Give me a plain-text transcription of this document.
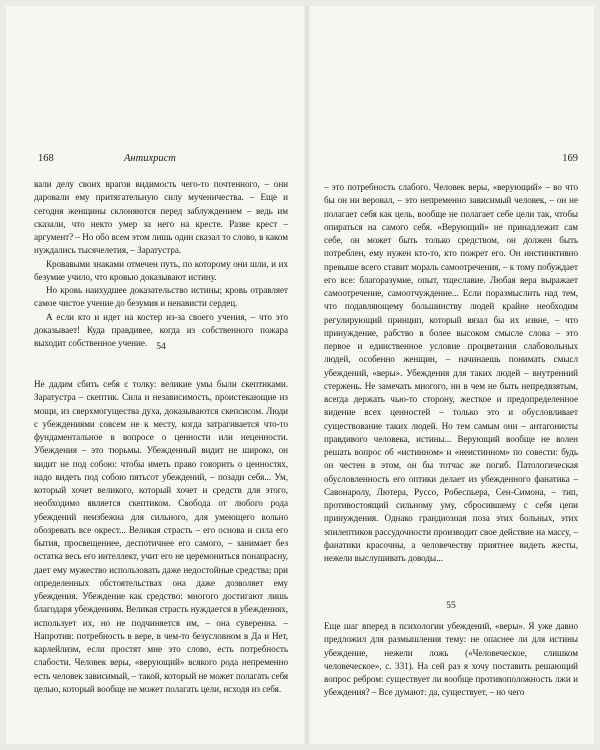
168	Антихрист

вали делу своих врагов видимость чего-то почтенного, – они даровали ему притягательную силу мученичества. – Еще и сегодня женщины склоняются перед заблуждением – ведь им сказали, что некто умер за него на кресте. Разве крест – аргумент? – Но обо всем этом лишь один сказал то слово, в каком нуждались тысячелетия, – Заратустра.

Кровавыми знаками отмечен путь, по которому они шли, и их безумие учило, что кровью доказывают истину.

Но кровь наихудшее доказательство истины; кровь отравляет самое чистое учение до безумия и ненависти сердец.

А если кто и идет на костер из-за своего учения, – что это доказывает! Куда правдивее, когда из собственного пожара выходит собственное учение. 54

Не дадим сбить себя с толку: великие умы были скептиками. Заратустра – скептик. Сила и независимость, проистекающие из мощи, из сверхмогущества духа, доказываются скепсисом. Люди с убеждениями совсем не к месту, когда затрагивается что-то фундаментальное в вопросе о ценности или неценности. Убеждения – это тюрьмы. Убежденный видит не широко, он видит не под собою: чтобы иметь право говорить о ценностях, надо видеть под собою пятьсот убеждений, – позади себя... Ум, который хочет великого, который хочет и средств для этого, необходимо является скептиком. Свобода от любого рода убеждений неизбежна для сильного, для умеющего вольно обозревать все окрест... Великая страсть – его основа и сила его бытия, просвещеннее, деспотичнее его самого, – занимает без остатка весь его интеллект, учит его не церемониться понапрасну, дает ему мужество использовать даже недостойные средства; при определенных обстоятельствах она даже дозволяет ему убеждения. Убеждение как средство: многого достигают лишь благодаря убеждениям. Великая страсть нуждается в убеждениях, использует их, но не подчиняется им, – она суверенна. – Напротив: потребность в вере, в чем-то безусловном в Да и Нет, карлейлизм, если простят мне это слово, есть потребность слабости. Человек веры, «верующий» всякого рода непременно есть человек зависимый, – такой, который не может полагать себя целью, который вообще не может полагать цели, исходя из себя.

169

– это потребность слабого. Человек веры, «верующий» – во что бы он ни веровал, – это непременно зависимый человек, – он не полагает себя как цель, вообще не полагает себе цели так, чтобы опираться на самого себя. «Верующий» не принадлежит сам себе, он может быть только средством, он должен быть потреблен, ему нужен кто-то, кто пожрет его. Он инстинктивно превыше всего ставит мораль самоотречения, – к тому побуждает его все: благоразумие, опыт, тщеславие. Любая вера выражает самоотречение, самоотчуждение... Если поразмыслить над тем, что подавляющему большинству людей крайне необходим регулирующий принцип, который вязал бы их извне, – что принуждение, рабство в более высоком смысле слова – это первое и единственное условие процветания слабовольных людей, особенно женщин, – начинаешь понимать смысл убеждений, «веры». Убеждения для таких людей – внутренний стержень. Не замечать многого, ни в чем не быть непредвзятым, всегда держать чью-то сторону, жесткое и предопределенное видение всех ценностей – только это и обусловливает существование таких людей. Но тем самым они – антагонисты правдивого человека, истины... Верующий вообще не волен решать вопрос об «истинном» и «неистинном» по совести: будь он честен в этом, он бы тотчас же погиб. Патологическая обусловленность его оптики делает из убежденного фанатика – Савонаролу, Лютера, Руссо, Робеспьера, Сен-Симона, – тип, противостоящий сильному уму, сбросившему с себя цепи принуждения. Однако грандиозная поза этих больных, этих эпилептиков рассудочности производит свое действие на массу, – фанатики красочны, а человечеству приятнее видеть жесты, нежели выслушивать доводы...

55

Еще шаг вперед в психологии убеждений, «веры». Я уже давно предложил для размышления тему: не опаснее ли для истины убеждение, нежели ложь («Человеческое, слишком человеческое», с. 331). На сей раз я хочу поставить решающий вопрос ребром: существует ли вообще противоположность лжи и убеждения? – Все думают: да, существует, – но чего
